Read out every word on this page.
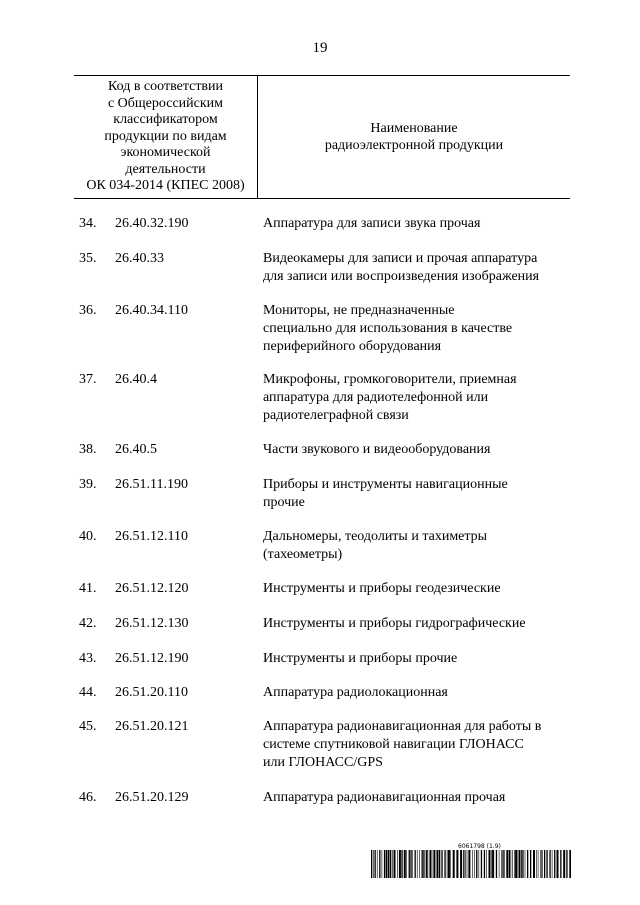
19
Код в соответствии
с Общероссийским
классификатором
продукции по видам
экономической
деятельности
ОК 034-2014 (КПЕС 2008)
Наименование
радиоэлектронной продукции
34. 26.40.32.190	Аппаратура для записи звука прочая
35. 26.40.33	Видеокамеры для записи и прочая аппаратура
для записи или воспроизведения изображения
36. 26.40.34.110	Мониторы, не предназначенные
специально для использования в качестве
периферийного оборудования
37. 26.40.4	Микрофоны, громкоговорители, приемная
аппаратура для радиотелефонной или
радиотелеграфной связи
38. 26.40.5	Части звукового и видеооборудования
39. 26.51.11.190	Приборы и инструменты навигационные
прочие
40. 26.51.12.110	Дальномеры, теодолиты и тахиметры
(тахеометры)
41. 26.51.12.120	Инструменты и приборы геодезические
42. 26.51.12.130	Инструменты и приборы гидрографические
43. 26.51.12.190	Инструменты и приборы прочие
44. 26.51.20.110	Аппаратура радиолокационная
45. 26.51.20.121	Аппаратура радионавигационная для работы в
системе спутниковой навигации ГЛОНАСС
или ГЛОНАСС/GPS
46. 26.51.20.129	Аппаратура радионавигационная прочая
6061798 (1.9)
